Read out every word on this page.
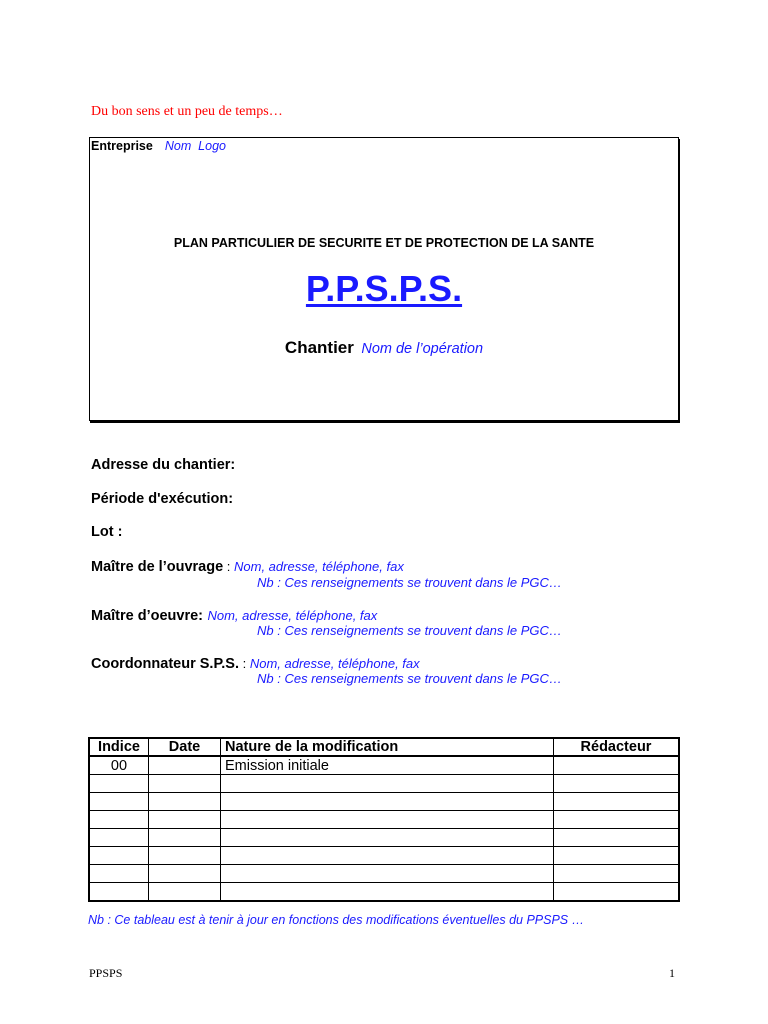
Du bon sens et un peu de temps…
Entreprise Nom  Logo
PLAN PARTICULIER DE SECURITE ET DE PROTECTION DE LA SANTE
P.P.S.P.S.
Chantier Nom de l’opération
Adresse du chantier:
Période d'exécution:
Lot :
Maître de l’ouvrage : Nom, adresse, téléphone, fax
Nb : Ces renseignements se trouvent dans le PGC…
Maître d’oeuvre: Nom, adresse, téléphone, fax
Nb : Ces renseignements se trouvent dans le PGC…
Coordonnateur S.P.S. : Nom, adresse, téléphone, fax
Nb : Ces renseignements se trouvent dans le PGC…
Indice	Date	Nature de la modification	Rédacteur
00		Emission initiale	

Nb : Ce tableau est à tenir à jour en fonctions des modifications éventuelles du PPSPS …
PPSPS	1
